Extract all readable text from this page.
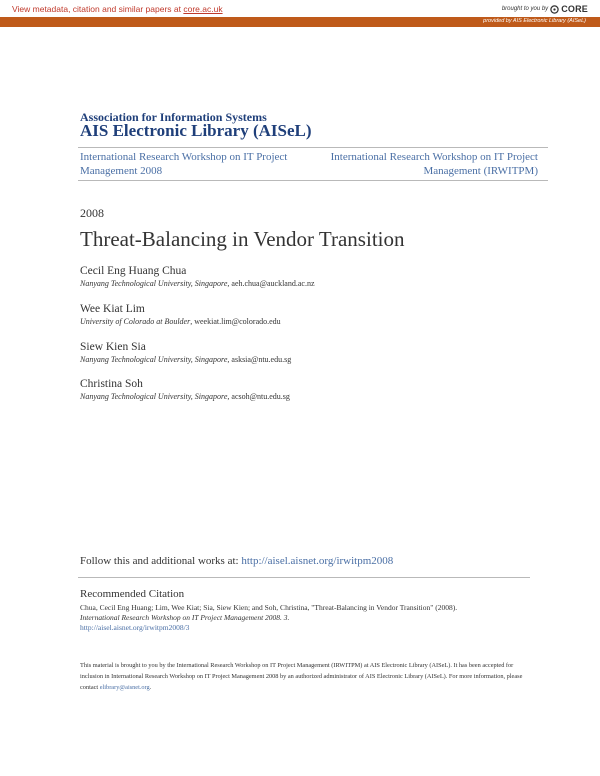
View metadata, citation and similar papers at core.ac.uk	brought to you by CORE
provided by AIS Electronic Library (AISeL)
Association for Information Systems
AIS Electronic Library (AISeL)
International Research Workshop on IT Project Management 2008
International Research Workshop on IT Project Management (IRWITPM)
2008
Threat-Balancing in Vendor Transition
Cecil Eng Huang Chua
Nanyang Technological University, Singapore, aeh.chua@auckland.ac.nz
Wee Kiat Lim
University of Colorado at Boulder, weekiat.lim@colorado.edu
Siew Kien Sia
Nanyang Technological University, Singapore, asksia@ntu.edu.sg
Christina Soh
Nanyang Technological University, Singapore, acsoh@ntu.edu.sg
Follow this and additional works at: http://aisel.aisnet.org/irwitpm2008
Recommended Citation
Chua, Cecil Eng Huang; Lim, Wee Kiat; Sia, Siew Kien; and Soh, Christina, "Threat-Balancing in Vendor Transition" (2008).
International Research Workshop on IT Project Management 2008. 3.
http://aisel.aisnet.org/irwitpm2008/3
This material is brought to you by the International Research Workshop on IT Project Management (IRWITPM) at AIS Electronic Library (AISeL). It has been accepted for inclusion in International Research Workshop on IT Project Management 2008 by an authorized administrator of AIS Electronic Library (AISeL). For more information, please contact elibrary@aisnet.org.
